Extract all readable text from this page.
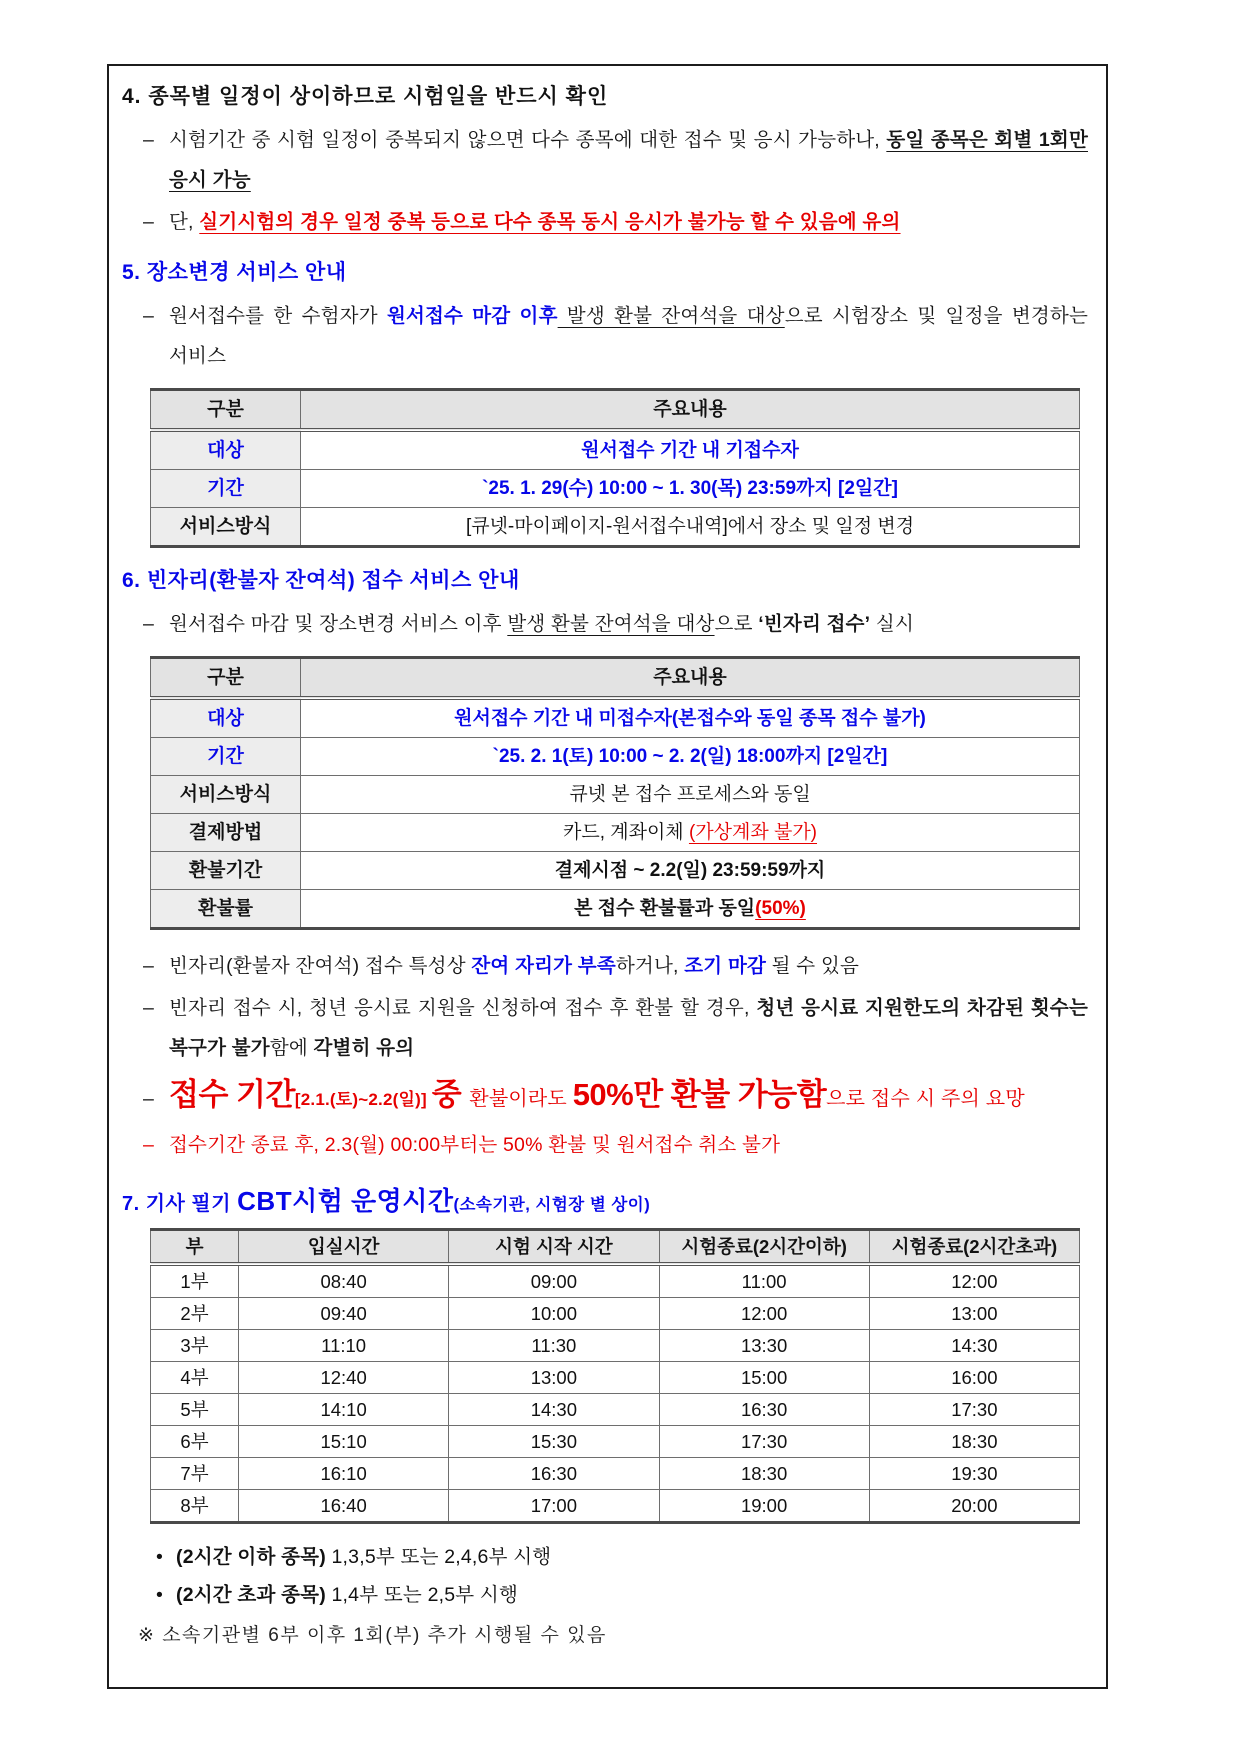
4. 종목별 일정이 상이하므로 시험일을 반드시 확인

– 시험기간 중 시험 일정이 중복되지 않으면 다수 종목에 대한 접수 및 응시 가능하나, 동일 종목은 회별 1회만 응시 가능

– 단, 실기시험의 경우 일정 중복 등으로 다수 종목 동시 응시가 불가능 할 수 있음에 유의

5. 장소변경 서비스 안내

– 원서접수를 한 수험자가 원서접수 마감 이후 발생 환불 잔여석을 대상으로 시험장소 및 일정을 변경하는 서비스

구분	주요내용
대상	원서접수 기간 내 기접수자
기간	`25. 1. 29(수) 10:00 ~ 1. 30(목) 23:59까지 [2일간]
서비스방식	[큐넷-마이페이지-원서접수내역]에서 장소 및 일정 변경
6. 빈자리(환불자 잔여석) 접수 서비스 안내

– 원서접수 마감 및 장소변경 서비스 이후 발생 환불 잔여석을 대상으로 ‘빈자리 접수’ 실시

구분	주요내용
대상	원서접수 기간 내 미접수자(본접수와 동일 종목 접수 불가)
기간	`25. 2. 1(토) 10:00 ~ 2. 2(일) 18:00까지 [2일간]
서비스방식	큐넷 본 접수 프로세스와 동일
결제방법	카드, 계좌이체 (가상계좌 불가)
환불기간	결제시점 ~ 2.2(일) 23:59:59까지
환불률	본 접수 환불률과 동일(50%)

– 빈자리(환불자 잔여석) 접수 특성상 잔여 자리가 부족하거나, 조기 마감 될 수 있음

– 빈자리 접수 시, 청년 응시료 지원을 신청하여 접수 후 환불 할 경우, 청년 응시료 지원한도의 차감된 횟수는 복구가 불가함에 각별히 유의

– 접수 기간[2.1.(토)~2.2(일)] 중 환불이라도 50%만 환불 가능함으로 접수 시 주의 요망

– 접수기간 종료 후, 2.3(월) 00:00부터는 50% 환불 및 원서접수 취소 불가

7. 기사 필기 CBT시험 운영시간(소속기관, 시험장 별 상이)
부	입실시간	시험 시작 시간	시험종료(2시간이하)	시험종료(2시간초과)
1부	08:40	09:00	11:00	12:00
2부	09:40	10:00	12:00	13:00
3부	11:10	11:30	13:30	14:30
4부	12:40	13:00	15:00	16:00
5부	14:10	14:30	16:30	17:30
6부	15:10	15:30	17:30	18:30
7부	16:10	16:30	18:30	19:30
8부	16:40	17:00	19:00	20:00

• (2시간 이하 종목) 1,3,5부 또는 2,4,6부 시행

• (2시간 초과 종목) 1,4부 또는 2,5부 시행

※ 소속기관별 6부 이후 1회(부) 추가 시행될 수 있음
